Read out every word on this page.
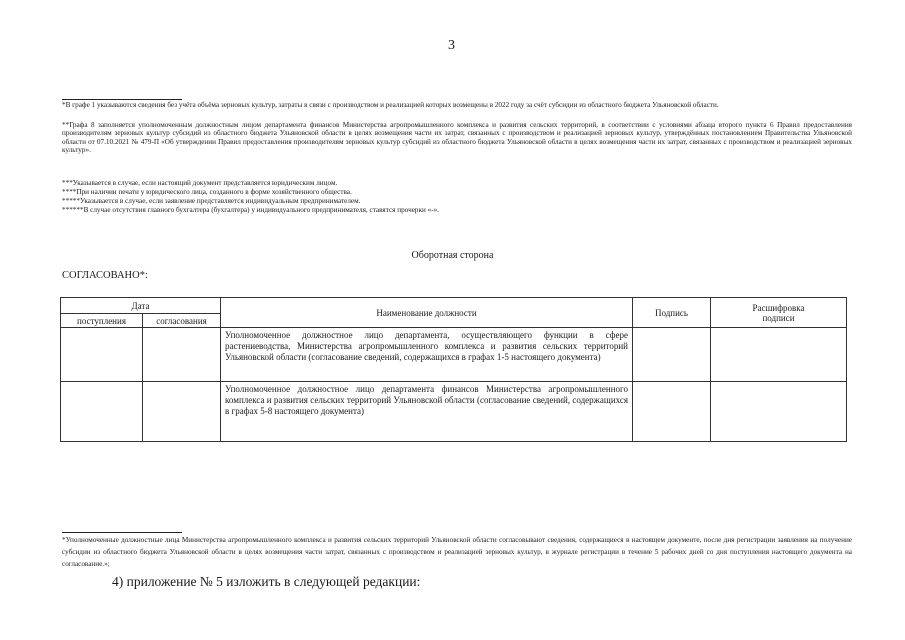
3
*В графе 1 указываются сведения без учёта объёма зерновых культур, затраты в связи с производством и реализацией которых возмещены в 2022 году за счёт субсидии из областного бюджета Ульяновской области.
**Графа 8 заполняется уполномоченным должностным лицом департамента финансов Министерства агропромышленного комплекса и развития сельских территорий, в соответствии с условиями абзаца второго пункта 6 Правил предоставления производителям зерновых культур субсидий из областного бюджета Ульяновской области в целях возмещения части их затрат, связанных с производством и реализацией зерновых культур, утверждённых постановлением Правительства Ульяновской области от 07.10.2021 № 479-П «Об утверждении Правил предоставления производителям зерновых культур субсидий из областного бюджета Ульяновской области в целях возмещения части их затрат, связанных с производством и реализацией зерновых культур».
***Указывается в случае, если настоящий документ представляется юридическим лицом.
****При наличии печати у юридического лица, созданного в форме хозяйственного общества.
*****Указывается в случае, если заявление представляется индивидуальным предпринимателем.
******В случае отсутствия главного бухгалтера (бухгалтера) у индивидуального предпринимателя, ставятся прочерки «-».
Оборотная сторона
СОГЛАСОВАНО*:
Дата		Наименование должности	Подпись	Расшифровка подписи
поступления	согласования			
		Уполномоченное должностное лицо департамента, осуществляющего функции в сфере растениеводства, Министерства агропромышленного комплекса и развития сельских территорий Ульяновской области (согласование сведений, содержащихся в графах 1-5 настоящего документа)		
		Уполномоченное должностное лицо департамента финансов Министерства агропромышленного комплекса и развития сельских территорий Ульяновской области (согласование сведений, содержащихся в графах 5-8 настоящего документа)		
*Уполномоченные должностные лица Министерства агропромышленного комплекса и развития сельских территорий Ульяновской области согласовывают сведения, содержащиеся в настоящем документе, после дня регистрации заявления на получение субсидии из областного бюджета Ульяновской области в целях возмещения части затрат, связанных с производством и реализацией зерновых культур, в журнале регистрации в течение 5 рабочих дней со дня поступления настоящего документа на согласование.»;
4) приложение № 5 изложить в следующей редакции:
